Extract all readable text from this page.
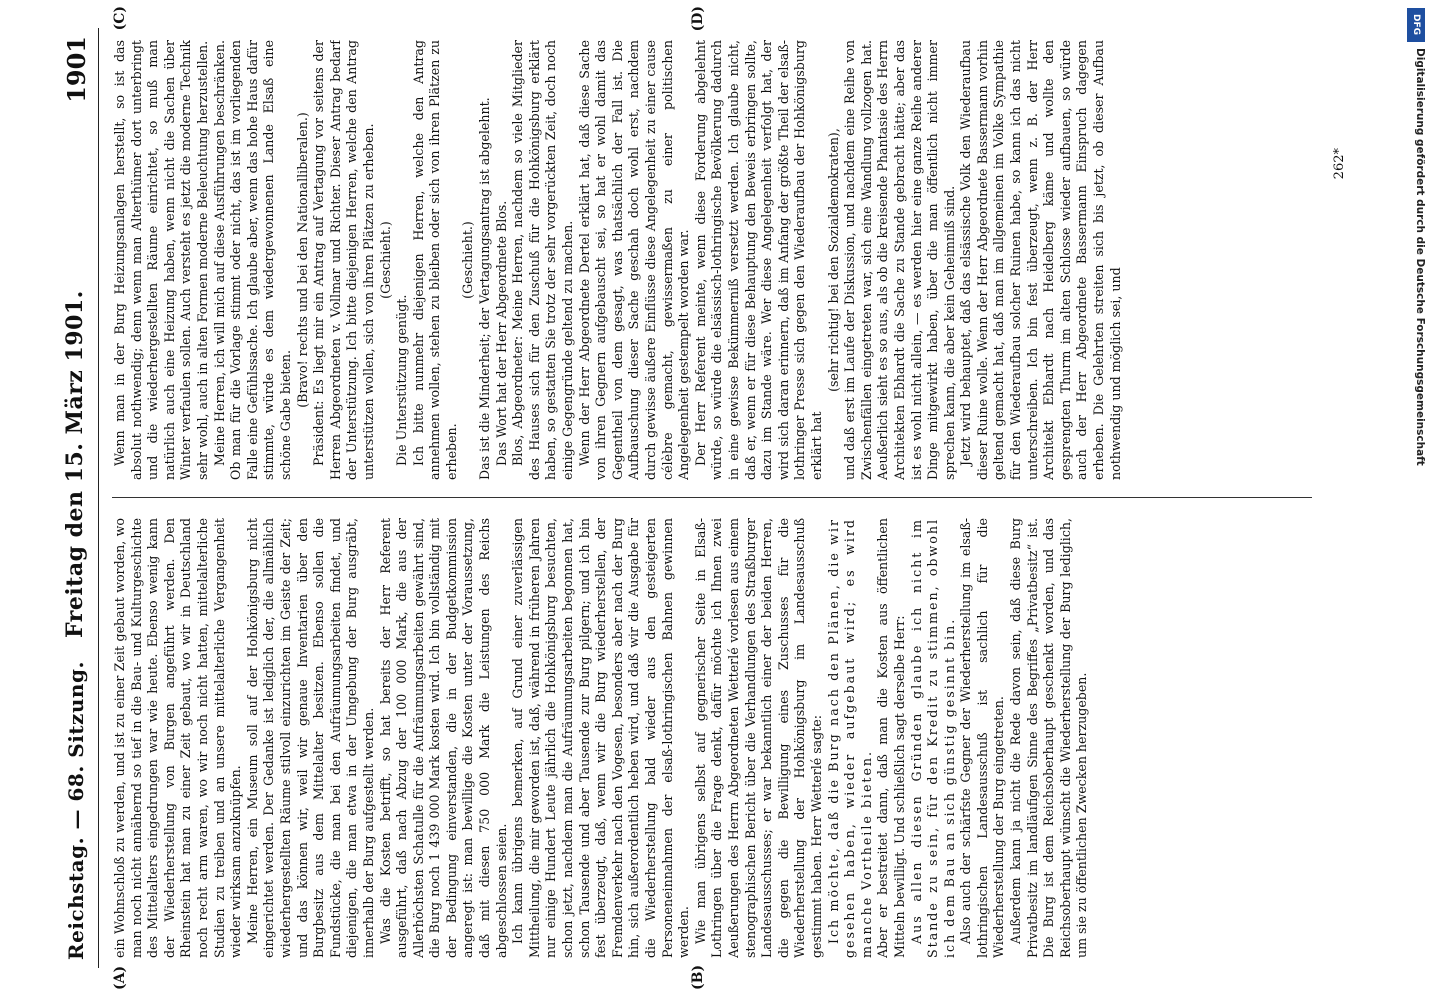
Reichstag. — 68. Sitzung.
Freitag den 15. März 1901.
1901
(A)	(B)
(C)	(D)

ein Wohnschloß zu werden, und ist zu einer Zeit gebaut worden, wo man noch nicht annähernd so tief in die Bau- und Kulturgeschichte des Mittelalters eingedrungen war wie heute. Ebenso wenig kann der Wiederherstellung von Burgen angeführt werden. Den Rheinstein hat man zu einer Zeit gebaut, wo wir in Deutschland noch recht arm waren, wo wir noch nicht hatten, mittelalterliche Studien zu treiben und an unsere mittelalterliche Vergangenheit wieder wirksam anzuknüpfen. Meine Herren, ein Museum soll auf der Hohkönigsburg nicht eingerichtet werden. Der Gedanke ist lediglich der, die allmählich wiederhergestellten Räume stilvoll einzurichten im Geiste der Zeit; und das können wir, weil wir genaue Inventarien über den Burgbesitz aus dem Mittelalter besitzen. Ebenso sollen die Fundstücke, die man bei den Aufräumungsarbeiten findet, und diejenigen, die man etwa in der Umgebung der Burg ausgräbt, innerhalb der Burg aufgestellt werden. Was die Kosten betrifft, so hat bereits der Herr Referent ausgeführt, daß nach Abzug der 100 000 Mark, die aus der Allerhöchsten Schatulle für die Aufräumungsarbeiten gewährt sind, die Burg noch 1 439 000 Mark kosten wird. Ich bin vollständig mit der Bedingung einverstanden, die in der Budgetkommission angeregt ist: man bewillige die Kosten unter der Voraussetzung, daß mit diesen 750 000 Mark die Leistungen des Reichs abgeschlossen seien. Ich kann übrigens bemerken, auf Grund einer zuverlässigen Mittheilung, die mir geworden ist, daß, während in früheren Jahren nur einige Hundert Leute jährlich die Hohkönigsburg besuchten, schon jetzt, nachdem man die Aufräumungsarbeiten begonnen hat, schon Tausende und aber Tausende zur Burg pilgern; und ich bin fest überzeugt, daß, wenn wir die Burg wiederherstellen, der Fremdenverkehr nach den Vogesen, besonders aber nach der Burg hin, sich außerordentlich heben wird, und daß wir die Ausgabe für die Wiederherstellung bald wieder aus den gesteigerten Personeneinnahmen der elsaß-lothringischen Bahnen gewinnen werden. Wie man übrigens selbst auf gegnerischer Seite in Elsaß-Lothringen über die Frage denkt, dafür möchte ich Ihnen zwei Aeußerungen des Herrn Abgeordneten Wetterlé vorlesen aus einem stenographischen Bericht über die Verhandlungen des Straßburger Landesausschusses; er war bekanntlich einer der beiden Herren, die gegen die Bewilligung eines Zuschusses für die Wiederherstellung der Hohkönigsburg im Landesausschuß gestimmt haben. Herr Wetterlé sagte: Ich möchte, daß die Burg nach den Plänen, die wir gesehen haben, wieder aufgebaut wird; es wird manche Vortheile bieten. Aber er bestreitet dann, daß man die Kosten aus öffentlichen Mitteln bewilligt. Und schließlich sagt derselbe Herr: Aus allen diesen Gründen glaube ich nicht im Stande zu sein, für den Kredit zu stimmen, obwohl ich dem Bau an sich günstig gesinnt bin. Also auch der schärfste Gegner der Wiederherstellung im elsaß-lothringischen Landesausschuß ist sachlich für die Wiederherstellung der Burg eingetreten. Außerdem kann ja nicht die Rede davon sein, daß diese Burg Privatbesitz im landläufigen Sinne des Begriffes „Privatbesitz“ ist. Die Burg ist dem Reichsoberhaupt geschenkt worden, und das Reichsoberhaupt wünscht die Wiederherstellung der Burg lediglich, um sie zu öffentlichen Zwecken herzugeben.

Wenn man in der Burg Heizungsanlagen herstellt, so ist das absolut nothwendig; denn wenn man Alterthümer dort unterbringt und die wiederhergestellten Räume einrichtet, so muß man natürlich auch eine Heizung haben, wenn nicht die Sachen über Winter verfaulen sollen. Auch versteht es jetzt die moderne Technik sehr wohl, auch in alten Formen moderne Beleuchtung herzustellen. Meine Herren, ich will mich auf diese Ausführungen beschränken. Ob man für die Vorlage stimmt oder nicht, das ist im vorliegenden Falle eine Gefühlssache. Ich glaube aber, wenn das hohe Haus dafür stimmte, würde es dem wiedergewonnenen Lande Elsaß eine schöne Gabe bieten.

(Bravo! rechts und bei den Nationalliberalen.) Präsident: Es liegt mir ein Antrag auf Vertagung vor seitens der Herren Abgeordneten v. Vollmar und Richter. Dieser Antrag bedarf der Unterstützung. Ich bitte diejenigen Herren, welche den Antrag unterstützen wollen, sich von ihren Plätzen zu erheben. (Geschieht.)

Die Unterstützung genügt. Ich bitte nunmehr diejenigen Herren, welche den Antrag annehmen wollen, stehen zu bleiben oder sich von ihren Plätzen zu erheben.

(Geschieht.) Das ist die Minderheit; der Vertagungsantrag ist abgelehnt. Das Wort hat der Herr Abgeordnete Blos. Blos, Abgeordneter: Meine Herren, nachdem so viele Mitglieder des Hauses sich für den Zuschuß für die Hohkönigsburg erklärt haben, so gestatten Sie trotz der sehr vorgerückten Zeit, doch noch einige Gegengründe geltend zu machen. Wenn der Herr Abgeordnete Dertel erklärt hat, daß diese Sache von ihren Gegnern aufgebauscht sei, so hat er wohl damit das Gegentheil von dem gesagt, was thatsächlich der Fall ist. Die Aufbauschung dieser Sache geschah doch wohl erst, nachdem durch gewisse äußere Einflüsse diese Angelegenheit zu einer cause célèbre gemacht, gewissermaßen zu einer politischen Angelegenheit gestempelt worden war. Der Herr Referent meinte, wenn diese Forderung abgelehnt würde, so würde die elsässisch-lothringische Bevölkerung dadurch in eine gewisse Bekümmerniß versetzt werden. Ich glaube nicht, daß er, wenn er für diese Behauptung den Beweis erbringen sollte, dazu im Stande wäre. Wer diese Angelegenheit verfolgt hat, der wird sich daran erinnern, daß im Anfang der größte Theil der elsaß-lothringer Presse sich gegen den Wiederaufbau der Hohkönigsburg erklärt hat

(sehr richtig! bei den Sozialdemokraten), und daß erst im Laufe der Diskussion, und nachdem eine Reihe von Zwischenfällen eingetreten war, sich eine Wandlung vollzogen hat. Aeußerlich sieht es so aus, als ob die kreisende Phantasie des Herrn Architekten Ebhardt die Sache zu Stande gebracht hätte; aber das ist es wohl nicht allein, — es werden hier eine ganze Reihe anderer Dinge mitgewirkt haben, über die man öffentlich nicht immer sprechen kann, die aber kein Geheimniß sind. Jetzt wird behauptet, daß das elsässische Volk den Wiederaufbau dieser Ruine wolle. Wenn der Herr Abgeordnete Bassermann vorhin geltend gemacht hat, daß man im allgemeinen im Volke Sympathie für den Wiederaufbau solcher Ruinen habe, so kann ich das nicht unterschreiben. Ich bin fest überzeugt, wenn z. B. der Herr Architekt Ebhardt nach Heidelberg käme und wollte den gesprengten Thurm im alten Schlosse wieder aufbauen, so würde auch der Herr Abgeordnete Bassermann Einspruch dagegen erheben. Die Gelehrten streiten sich bis jetzt, ob dieser Aufbau nothwendig und möglich sei, und

262*
DFG
Digitalisierung gefördert durch die Deutsche Forschungsgemeinschaft
